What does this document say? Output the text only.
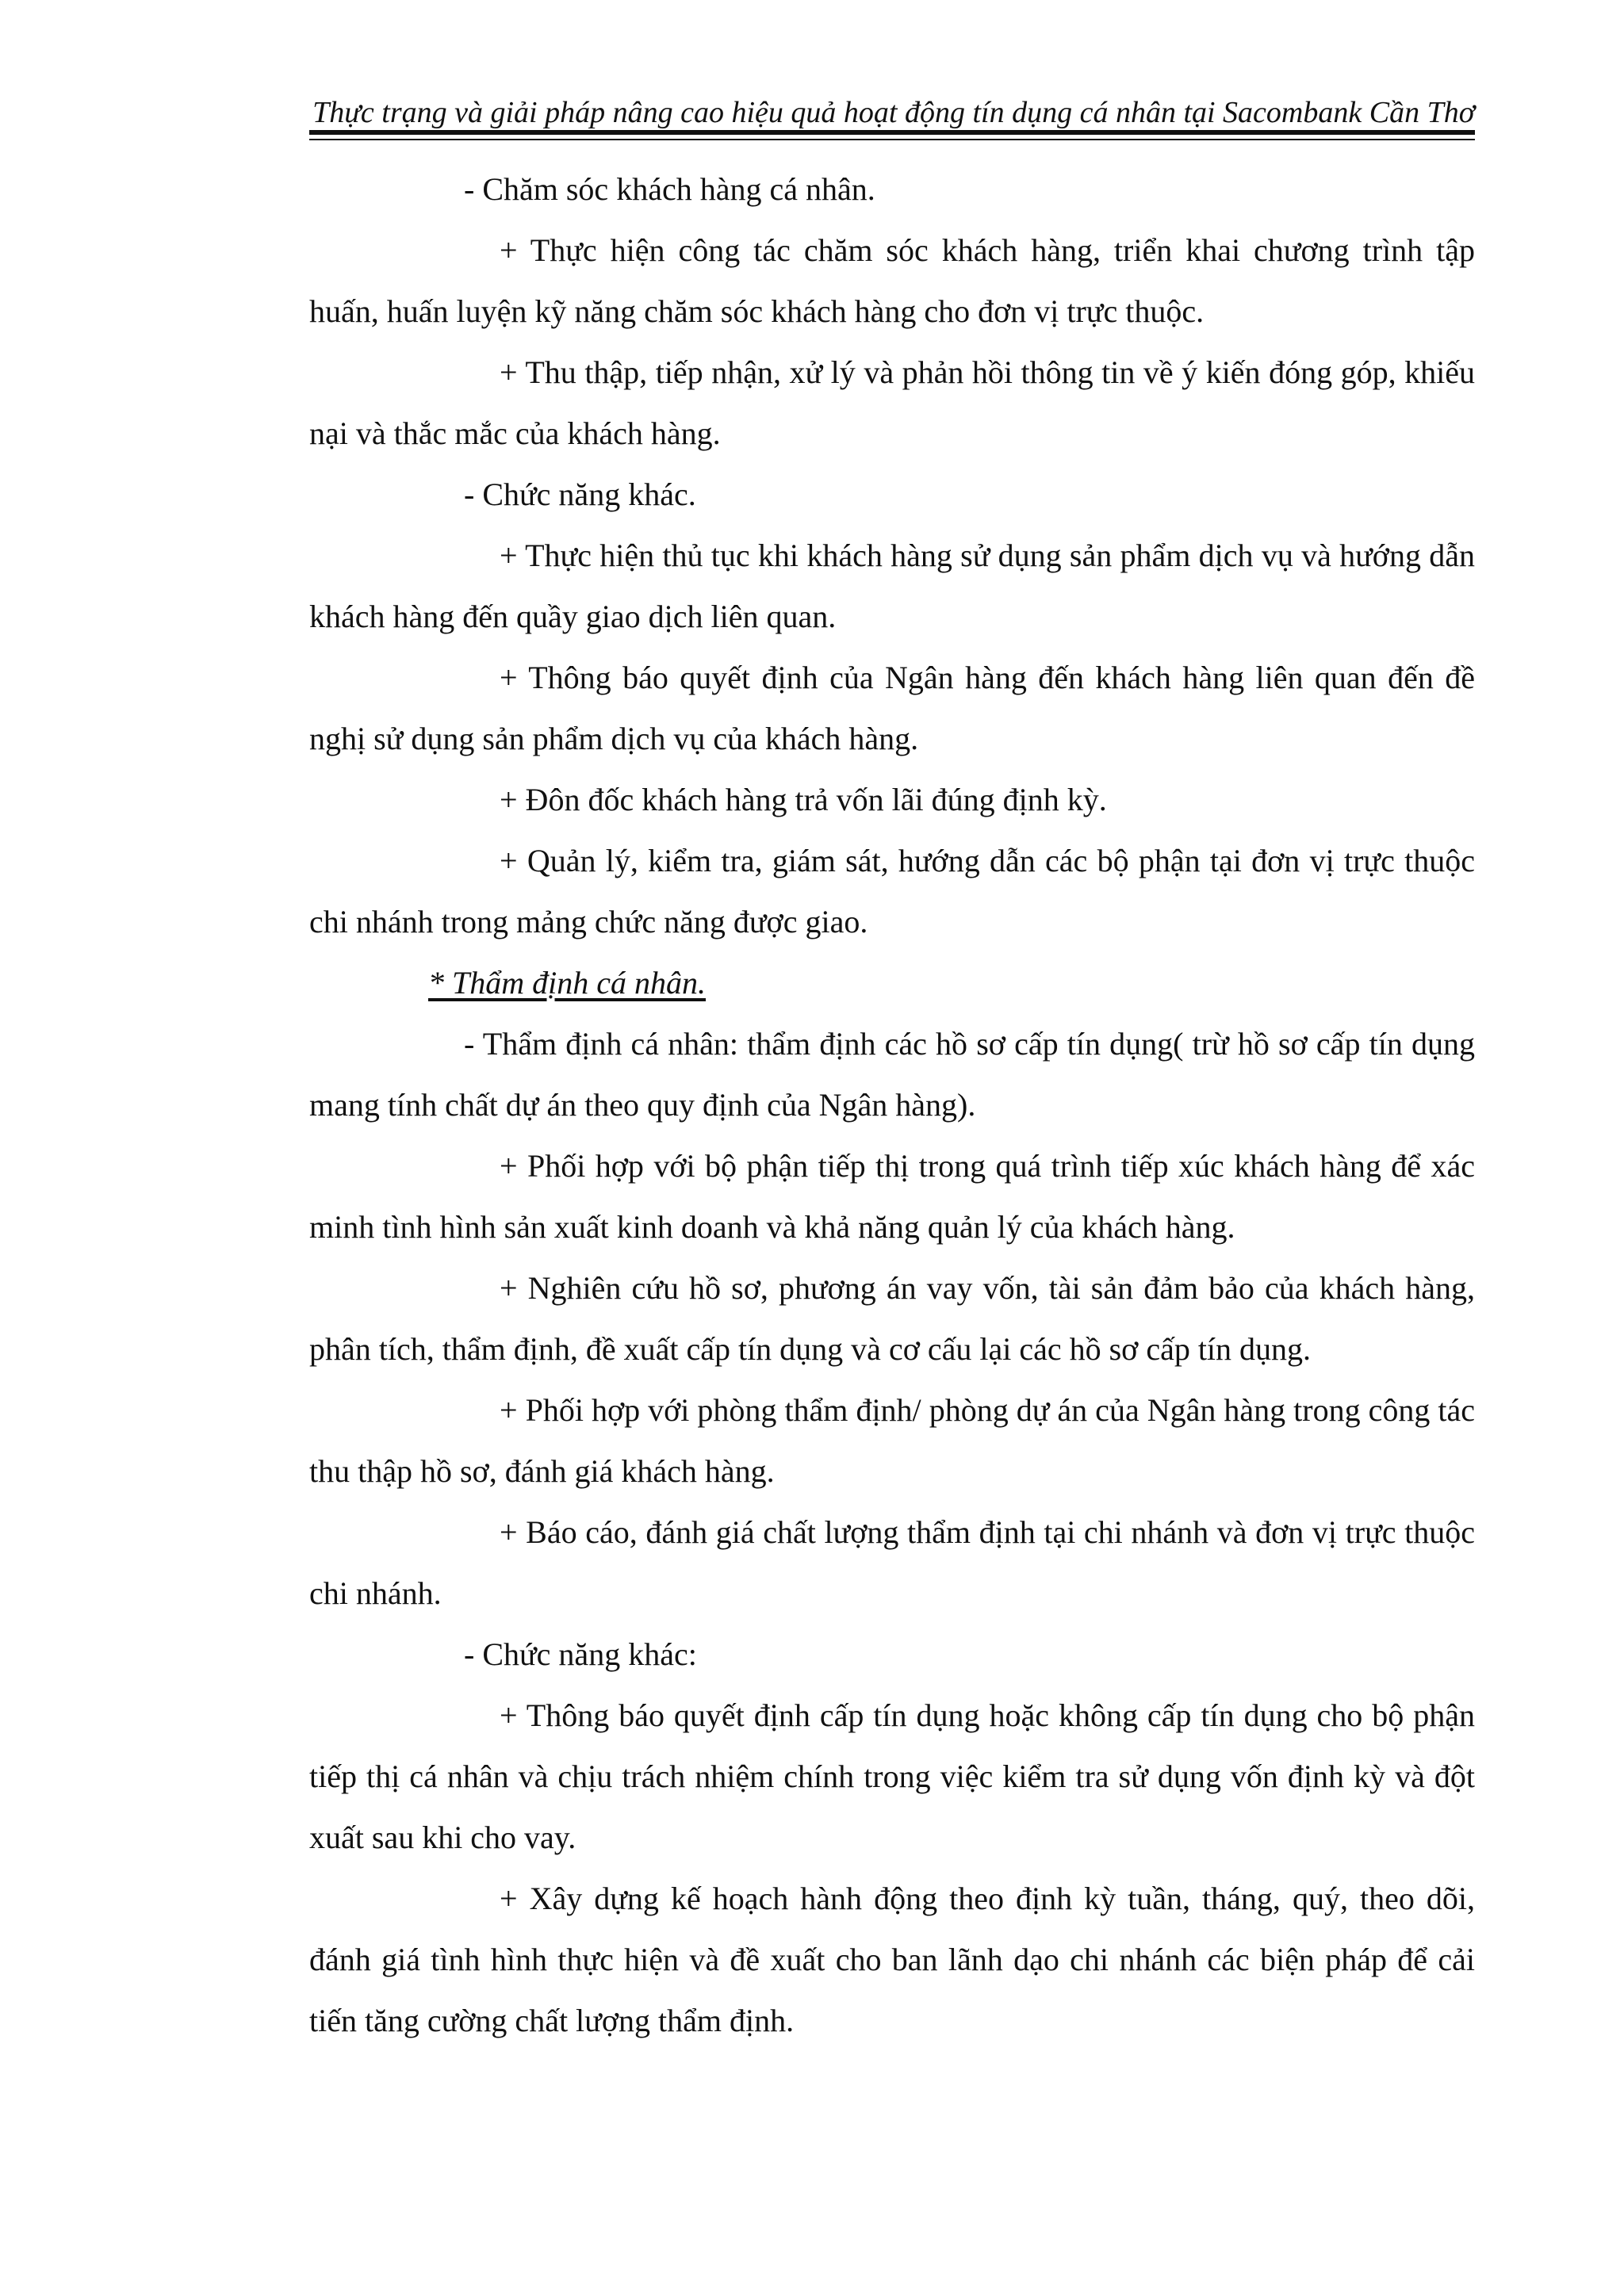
Thực trạng và giải pháp nâng cao hiệu quả hoạt động tín dụng cá nhân tại Sacombank Cần Thơ

- Chăm sóc khách hàng cá nhân.

+ Thực hiện công tác chăm sóc khách hàng, triển khai chương trình tập huấn, huấn luyện kỹ năng chăm sóc khách hàng cho đơn vị trực thuộc.

+ Thu thập, tiếp nhận, xử lý và phản hồi thông tin về ý kiến đóng góp, khiếu nại và thắc mắc của khách hàng.

- Chức năng khác.

+ Thực hiện thủ tục khi khách hàng sử dụng sản phẩm dịch vụ và hướng dẫn khách hàng đến quầy giao dịch liên quan.

+ Thông báo quyết định của Ngân hàng đến khách hàng liên quan đến đề nghị sử dụng sản phẩm dịch vụ của khách hàng.

+ Đôn đốc khách hàng trả vốn lãi đúng định kỳ.

+ Quản lý, kiểm tra, giám sát, hướng dẫn các bộ phận tại đơn vị trực thuộc chi nhánh trong mảng chức năng được giao.

* Thẩm định cá nhân.

- Thẩm định cá nhân: thẩm định các hồ sơ cấp tín dụng( trừ hồ sơ cấp tín dụng mang tính chất dự án theo quy định của Ngân hàng).

+ Phối hợp với bộ phận tiếp thị trong quá trình tiếp xúc khách hàng để xác minh tình hình sản xuất kinh doanh và khả năng quản lý của khách hàng.

+ Nghiên cứu hồ sơ, phương án vay vốn, tài sản đảm bảo của khách hàng, phân tích, thẩm định, đề xuất cấp tín dụng và cơ cấu lại các hồ sơ cấp tín dụng.

+ Phối hợp với phòng thẩm định/ phòng dự án của Ngân hàng trong công tác thu thập hồ sơ, đánh giá khách hàng.

+ Báo cáo, đánh giá chất lượng thẩm định tại chi nhánh và đơn vị trực thuộc chi nhánh.

- Chức năng khác:

+ Thông báo quyết định cấp tín dụng hoặc không cấp tín dụng cho bộ phận tiếp thị cá nhân và chịu trách nhiệm chính trong việc kiểm tra sử dụng vốn định kỳ và đột xuất sau khi cho vay.

+ Xây dựng kế hoạch hành động theo định kỳ tuần, tháng, quý, theo dõi, đánh giá tình hình thực hiện và đề xuất cho ban lãnh dạo chi nhánh các biện pháp để cải tiến tăng cường chất lượng thẩm định.
